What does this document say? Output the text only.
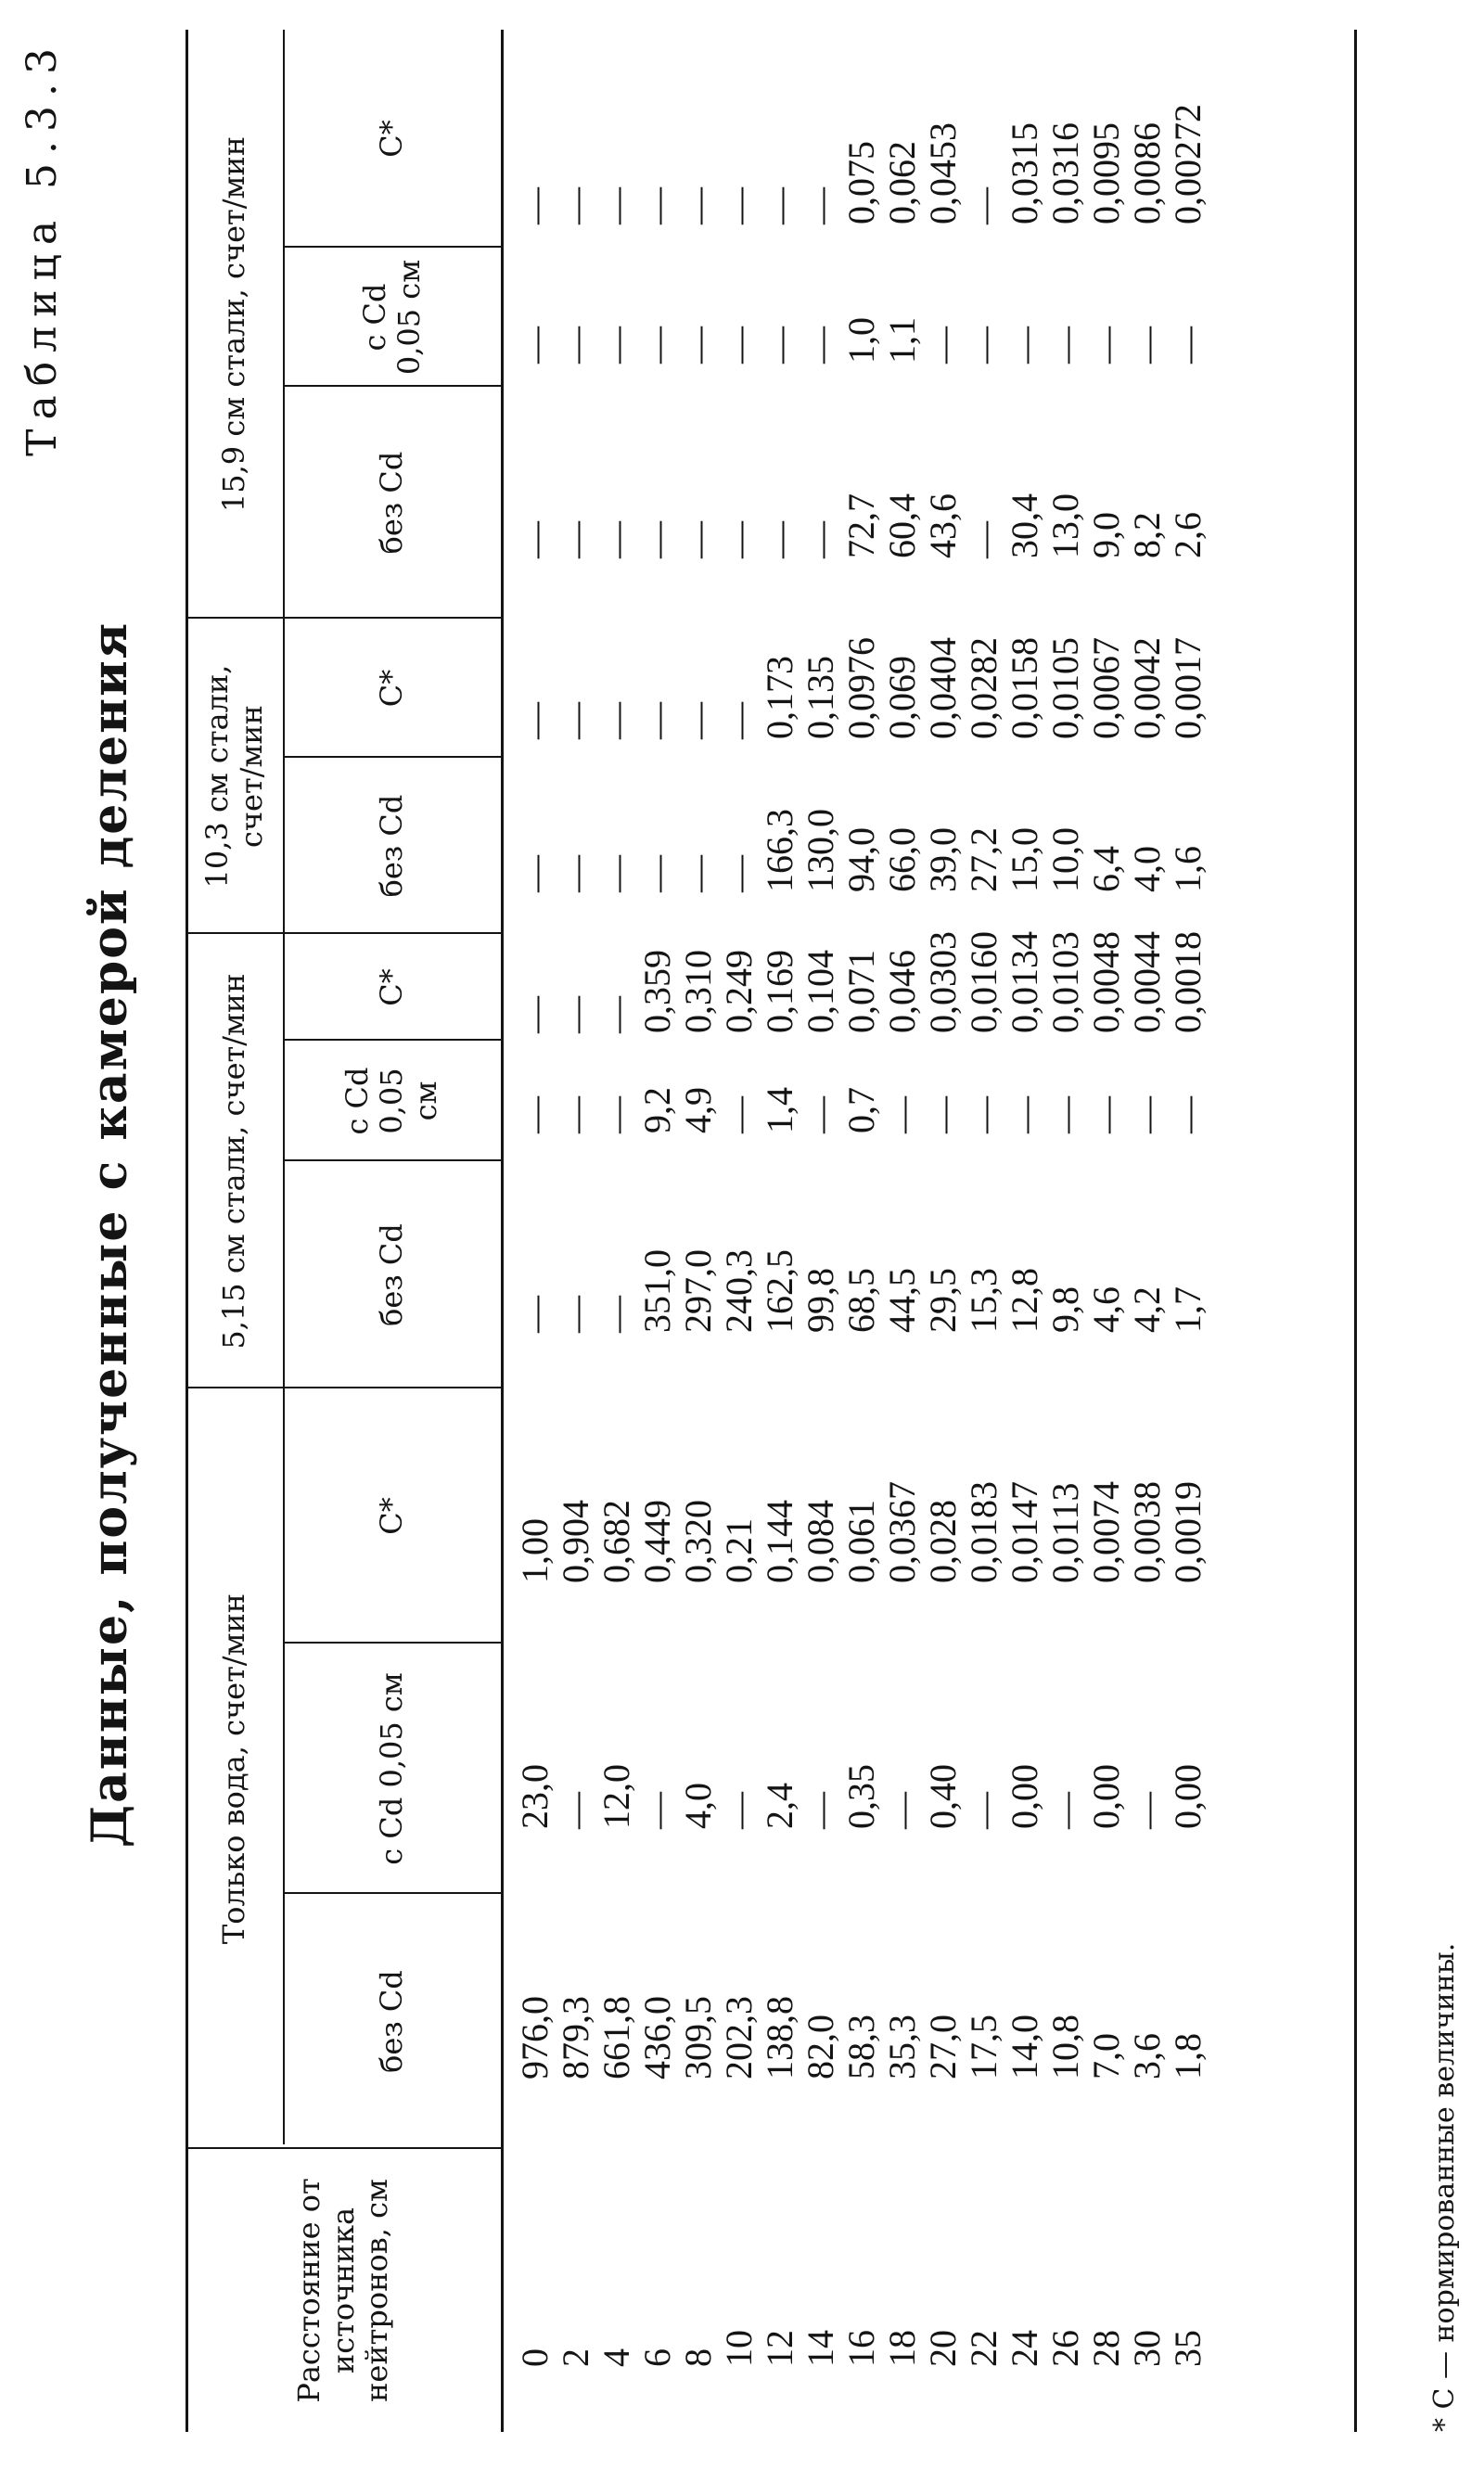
Таблица 5.3.3
Данные, полученные с камерой деления
Расстояние от источника нейтронов, см
Только вода, счет/мин
5,15 см стали, счет/мин
10,3 см стали, счет/мин
15,9 см стали, счет/мин
без Cd
с Cd 0,05 см
C*
без Cd
с Cd 0,05 см
C*
без Cd
C*
без Cd
с Cd 0,05 см
C*
0 2 4 6 8 10 12 14 16 18 20 22 24 26 28 30 35
976,0 879,3 661,8 436,0 309,5 202,3 138,8 82,0 58,3 35,3 27,0 17,5 14,0 10,8 7,0 3,6 1,8
23,0 — 12,0 — 4,0 — 2,4 — 0,35 — 0,40 — 0,00 — 0,00 — 0,00
1,00 0,904 0,682 0,449 0,320 0,21 0,144 0,084 0,061 0,0367 0,028 0,0183 0,0147 0,0113 0,0074 0,0038 0,0019
— — — 351,0 297,0 240,3 162,5 99,8 68,5 44,5 29,5 15,3 12,8 9,8 4,6 4,2 1,7
— — — 9,2 4,9 — 1,4 — 0,7 — — — — — — — —
— — — 0,359 0,310 0,249 0,169 0,104 0,071 0,046 0,0303 0,0160 0,0134 0,0103 0,0048 0,0044 0,0018
— — — — — — 166,3 130,0 94,0 66,0 39,0 27,2 15,0 10,0 6,4 4,0 1,6
— — — — — — 0,173 0,135 0,0976 0,069 0,0404 0,0282 0,0158 0,0105 0,0067 0,0042 0,0017
— — — — — — — — 72,7 60,4 43,6 — 30,4 13,0 9,0 8,2 2,6
— — — — — — — — 1,0 1,1 — — — — — — —
— — — — — — — — 0,075 0,062 0,0453 — 0,0315 0,0316 0,0095 0,0086 0,00272
* C — нормированные величины.
